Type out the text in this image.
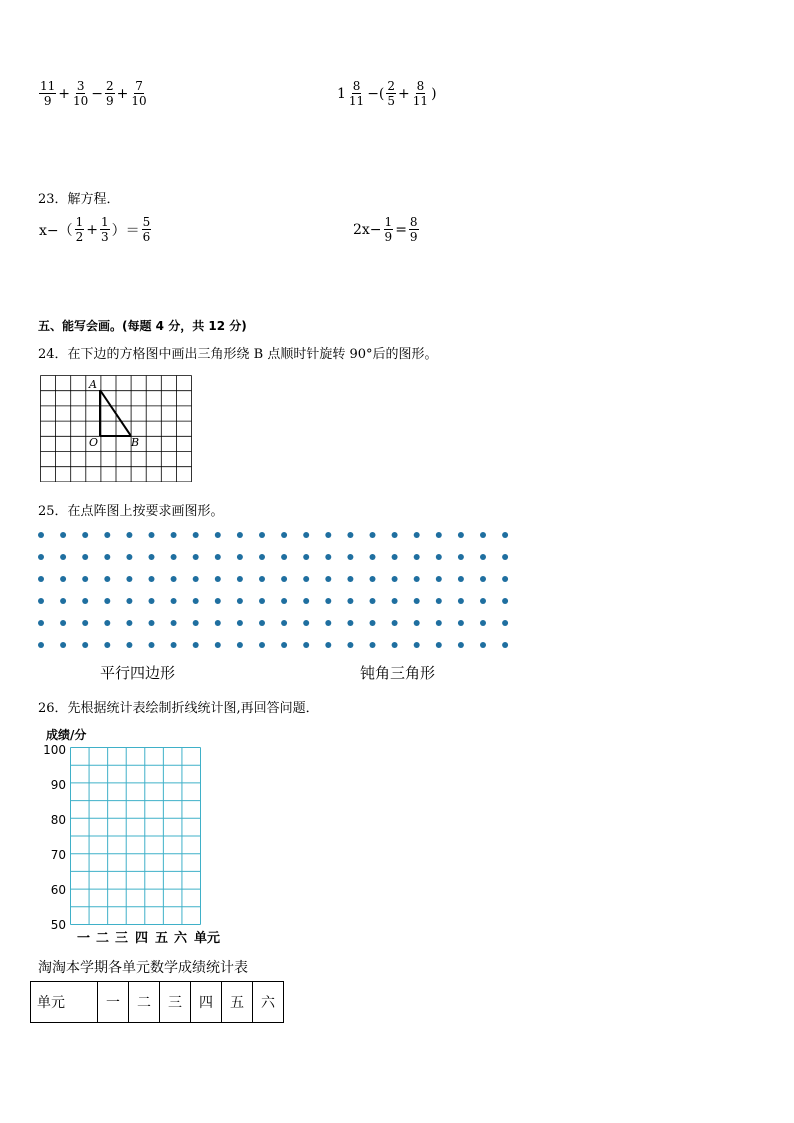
$\frac{11}{9} + \frac{3}{10} - \frac{2}{9} + \frac{7}{10}$	$1 \frac{8}{11}$ −( $\frac{2}{5} + \frac{8}{11}$ )
23．解方程．
$x-( \frac{1}{2} + \frac{1}{3}$ ）＝ $\frac{5}{6}$	$2x- \frac{1}{9} = \frac{8}{9}$
五、能写会画。(每题 4 分，共 12 分)
24．在下边的方格图中画出三角形绕 B 点顺时针旋转 90°后的图形。
A
O	B
25．在点阵图上按要求画图形。
平行四边形	钝角三角形
26．先根据统计表绘制折线统计图,再回答问题．
成绩/分
100
90
80
70
60
50
一 二 三 四 五 六 单元
淘淘本学期各单元数学成绩统计表
单元	一	二	三	四	五	六
